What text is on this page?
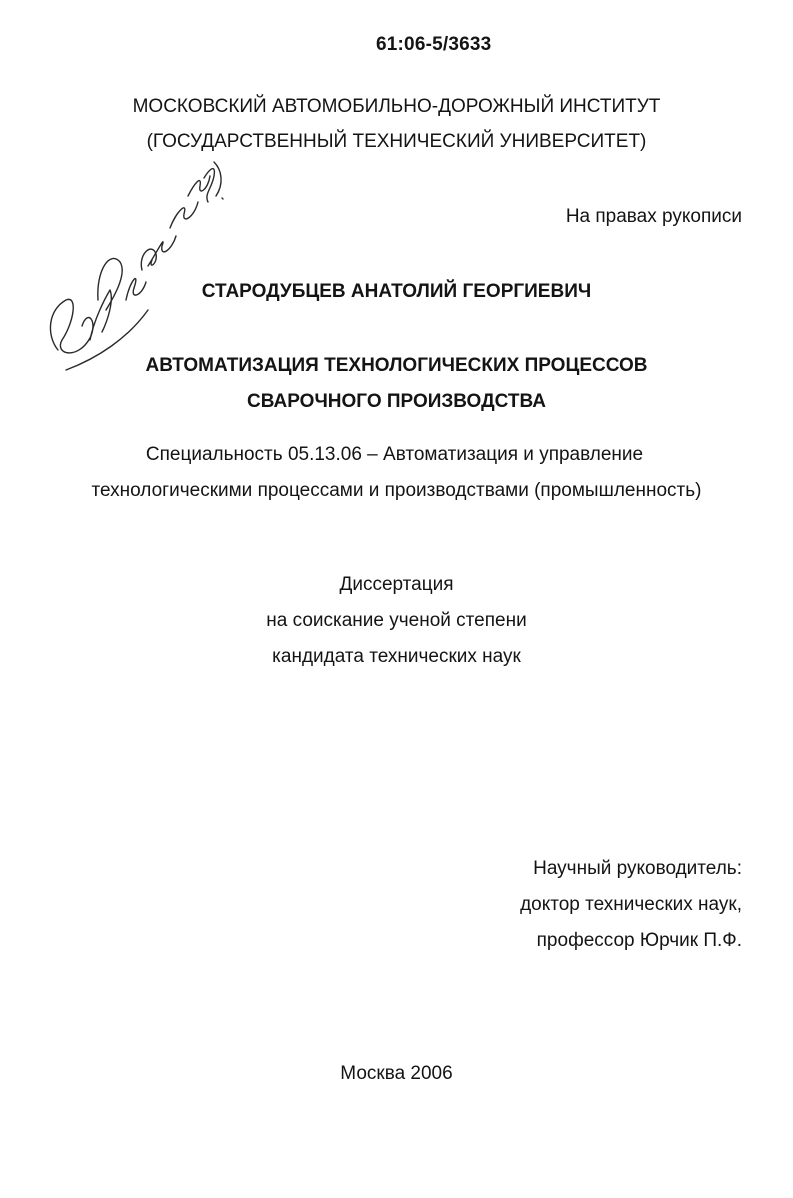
61:06-5/3633
МОСКОВСКИЙ АВТОМОБИЛЬНО-ДОРОЖНЫЙ ИНСТИТУТ
(ГОСУДАРСТВЕННЫЙ ТЕХНИЧЕСКИЙ УНИВЕРСИТЕТ)
На правах рукописи
СТАРОДУБЦЕВ АНАТОЛИЙ ГЕОРГИЕВИЧ
АВТОМАТИЗАЦИЯ ТЕХНОЛОГИЧЕСКИХ ПРОЦЕССОВ
СВАРОЧНОГО ПРОИЗВОДСТВА
Специальность 05.13.06 – Автоматизация и управление
технологическими процессами и производствами (промышленность)
Диссертация
на соискание ученой степени
кандидата технических наук
Научный руководитель:
доктор технических наук,
профессор Юрчик П.Ф.
Москва 2006
